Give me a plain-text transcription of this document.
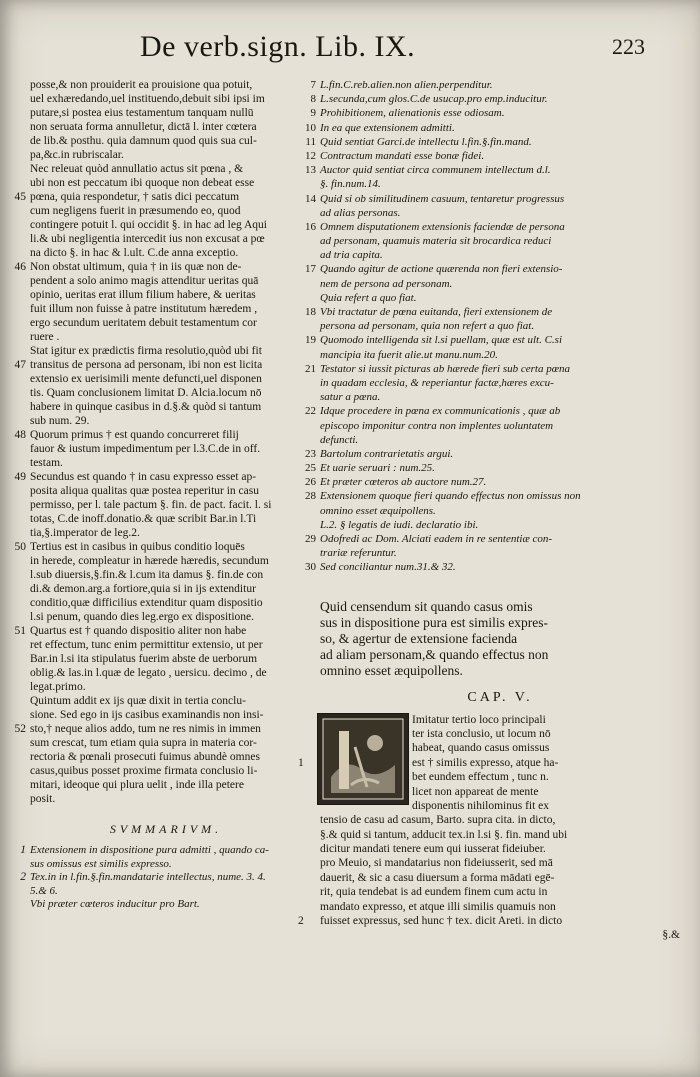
De verb.sign. Lib. IX.	223
posse,& non prouiderit ea prouisione qua potuit,
uel exhæredando,uel instituendo,debuit sibi ipsi im
putare,si postea eius testamentum tanquam nullū
non seruata forma annulletur, dictā l. inter cœtera
de lib.& posthu. quia damnum quod quis sua cul-
pa,&c.in rubriscalar.
Nec releuat quòd annullatio actus sit pœna , &
ubi non est peccatum ibi quoque non debeat esse
pœna, quia respondetur, † satis dici peccatum
45
cum negligens fuerit in præsumendo eo, quod
contingere potuit l. qui occidit §. in hac ad leg Aqui
li.& ubi negligentia intercedit ius non excusat a pœ
na dicto §. in hac & l.ult. C.de anna exceptio.
Non obstat ultimum, quia † in iis quæ non de-
46
pendent a solo animo magis attenditur ueritas quā
opinio, ueritas erat illum filium habere, & ueritas
fuit illum non fuisse à patre institutum hæredem ,
ergo secundum ueritatem debuit testamentum cor
ruere .
Stat igitur ex prædictis firma resolutio,quòd ubi fit
transitus de persona ad personam, ibi non est licita
47
extensio ex uerisimili mente defuncti,uel disponen
tis. Quam conclusionem limitat D. Alcia.locum nō
habere in quinque casibus in d.§.& quòd si tantum
sub num. 29.
Quorum primus † est quando concurreret filij
48
fauor & iustum impedimentum per l.3.C.de in off.
testam.
Secundus est quando † in casu expresso esset ap-
49
posita aliqua qualitas quæ postea reperitur in casu
permisso, per l. tale pactum §. fin. de pact. facit. l. si
totas, C.de inoff.donatio.& quæ scribit Bar.in l.Ti
tia,§.imperator de leg.2.
Tertius est in casibus in quibus conditio loquēs
50
in herede, compleatur in hærede hæredis, secundum
l.sub diuersis,§.fin.& l.cum ita damus §. fin.de con
di.& demon.arg.a fortiore,quia si in ijs extenditur
conditio,quæ difficilius extenditur quam dispositio
l.si penum, quando dies leg.ergo ex dispositione.
Quartus est † quando dispositio aliter non habe
51
ret effectum, tunc enim permittitur extensio, ut per
Bar.in l.si ita stipulatus fuerim abste de uerborum
oblig.& las.in l.quæ de legato , uersicu. decimo , de
legat.primo.
Quintum addit ex ijs quæ dixit in tertia conclu-
sione. Sed ego in ijs casibus examinandis non insi-
sto,† neque alios addo, tum ne res nimis in immen
52
sum crescat, tum etiam quia supra in materia cor-
rectoria & pœnali prosecuti fuimus abundè omnes
casus,quibus posset proxime firmata conclusio li-
mitari, ideoque qui plura uelit , inde illa petere
posit.
SVMMARIVM.
1 Extensionem in dispositione pura admitti , quando ca-
sus omissus est similis expresso.
2 Tex.in in l.fin.§.fin.mandatarie intellectus, nume. 3. 4.
5.& 6.
Vbi præter cœteros inducitur pro Bart.
7 L.fin.C.reb.alien.non alien.perpenditur.
8 L.secunda,cum glos.C.de usucap.pro emp.inducitur.
9 Prohibitionem, alienationis esse odiosam.
10 In ea que extensionem admitti.
11 Quid sentiat Garci.de intellectu l.fin.§.fin.mand.
12 Contractum mandati esse bonæ fidei.
13 Auctor quid sentiat circa communem intellectum d.l.
§. fin.num.14.
14 Quid si ob similitudinem casuum, tentaretur progressus
ad alias personas.
16 Omnem disputationem extensionis faciendæ de persona
ad personam, quamuis materia sit brocardica reduci
ad tria capita.
17 Quando agitur de actione quærenda non fieri extensio-
nem de persona ad personam.
Quia refert a quo fiat.
18 Vbi tractatur de pœna euitanda, fieri extensionem de
persona ad personam, quia non refert a quo fiat.
19 Quomodo intelligenda sit l.si puellam, quæ est ult. C.si
mancipia ita fuerit alie.ut manu.num.20.
21 Testator si iussit picturas ab hærede fieri sub certa pœna
in quadam ecclesia, & reperiantur factæ,hæres excu-
satur a pœna.
22 Idque procedere in pœna ex communicationis , quæ ab
episcopo imponitur contra non implentes uoluntatem
defuncti.
23 Bartolum contrarietatis argui.
25 Et uarie seruari : num.25.
26 Et præter cœteros ab auctore num.27.
28 Extensionem quoque fieri quando effectus non omissus non
omnino esset æquipollens.
L.2. § legatis de iudi. declaratio ibi.
29 Odofredi ac Dom. Alciati eadem in re sententiæ con-
trariæ referuntur.
30 Sed conciliantur num.31.& 32.
Quid censendum sit quando casus omis
sus in dispositione pura est similis expres-
so, & agertur de extensione facienda
ad aliam personam,& quando effectus non
omnino esset æquipollens.
CAP. V.
1
Imitatur tertio loco principali
ter ista conclusio, ut locum nō
habeat, quando casus omissus
est † similis expresso, atque ha-
bet eundem effectum , tunc n.
licet non appareat de mente
disponentis nihilominus fit ex
tensio de casu ad casum, Barto. supra cita. in dicto,
§.& quid si tantum, adducit tex.in l.si §. fin. mand ubi
dicitur mandati tenere eum qui iusserat fideiuber.
pro Meuio, si mandatarius non fideiusserit, sed mā
dauerit, & sic a casu diuersum a forma mādati egē-
rit, quia tendebat is ad eundem finem cum actu in
mandato expresso, et atque illi similis quamuis non
fuisset expressus, sed hunc † tex. dicit Areti. in dicto
§.&
2
